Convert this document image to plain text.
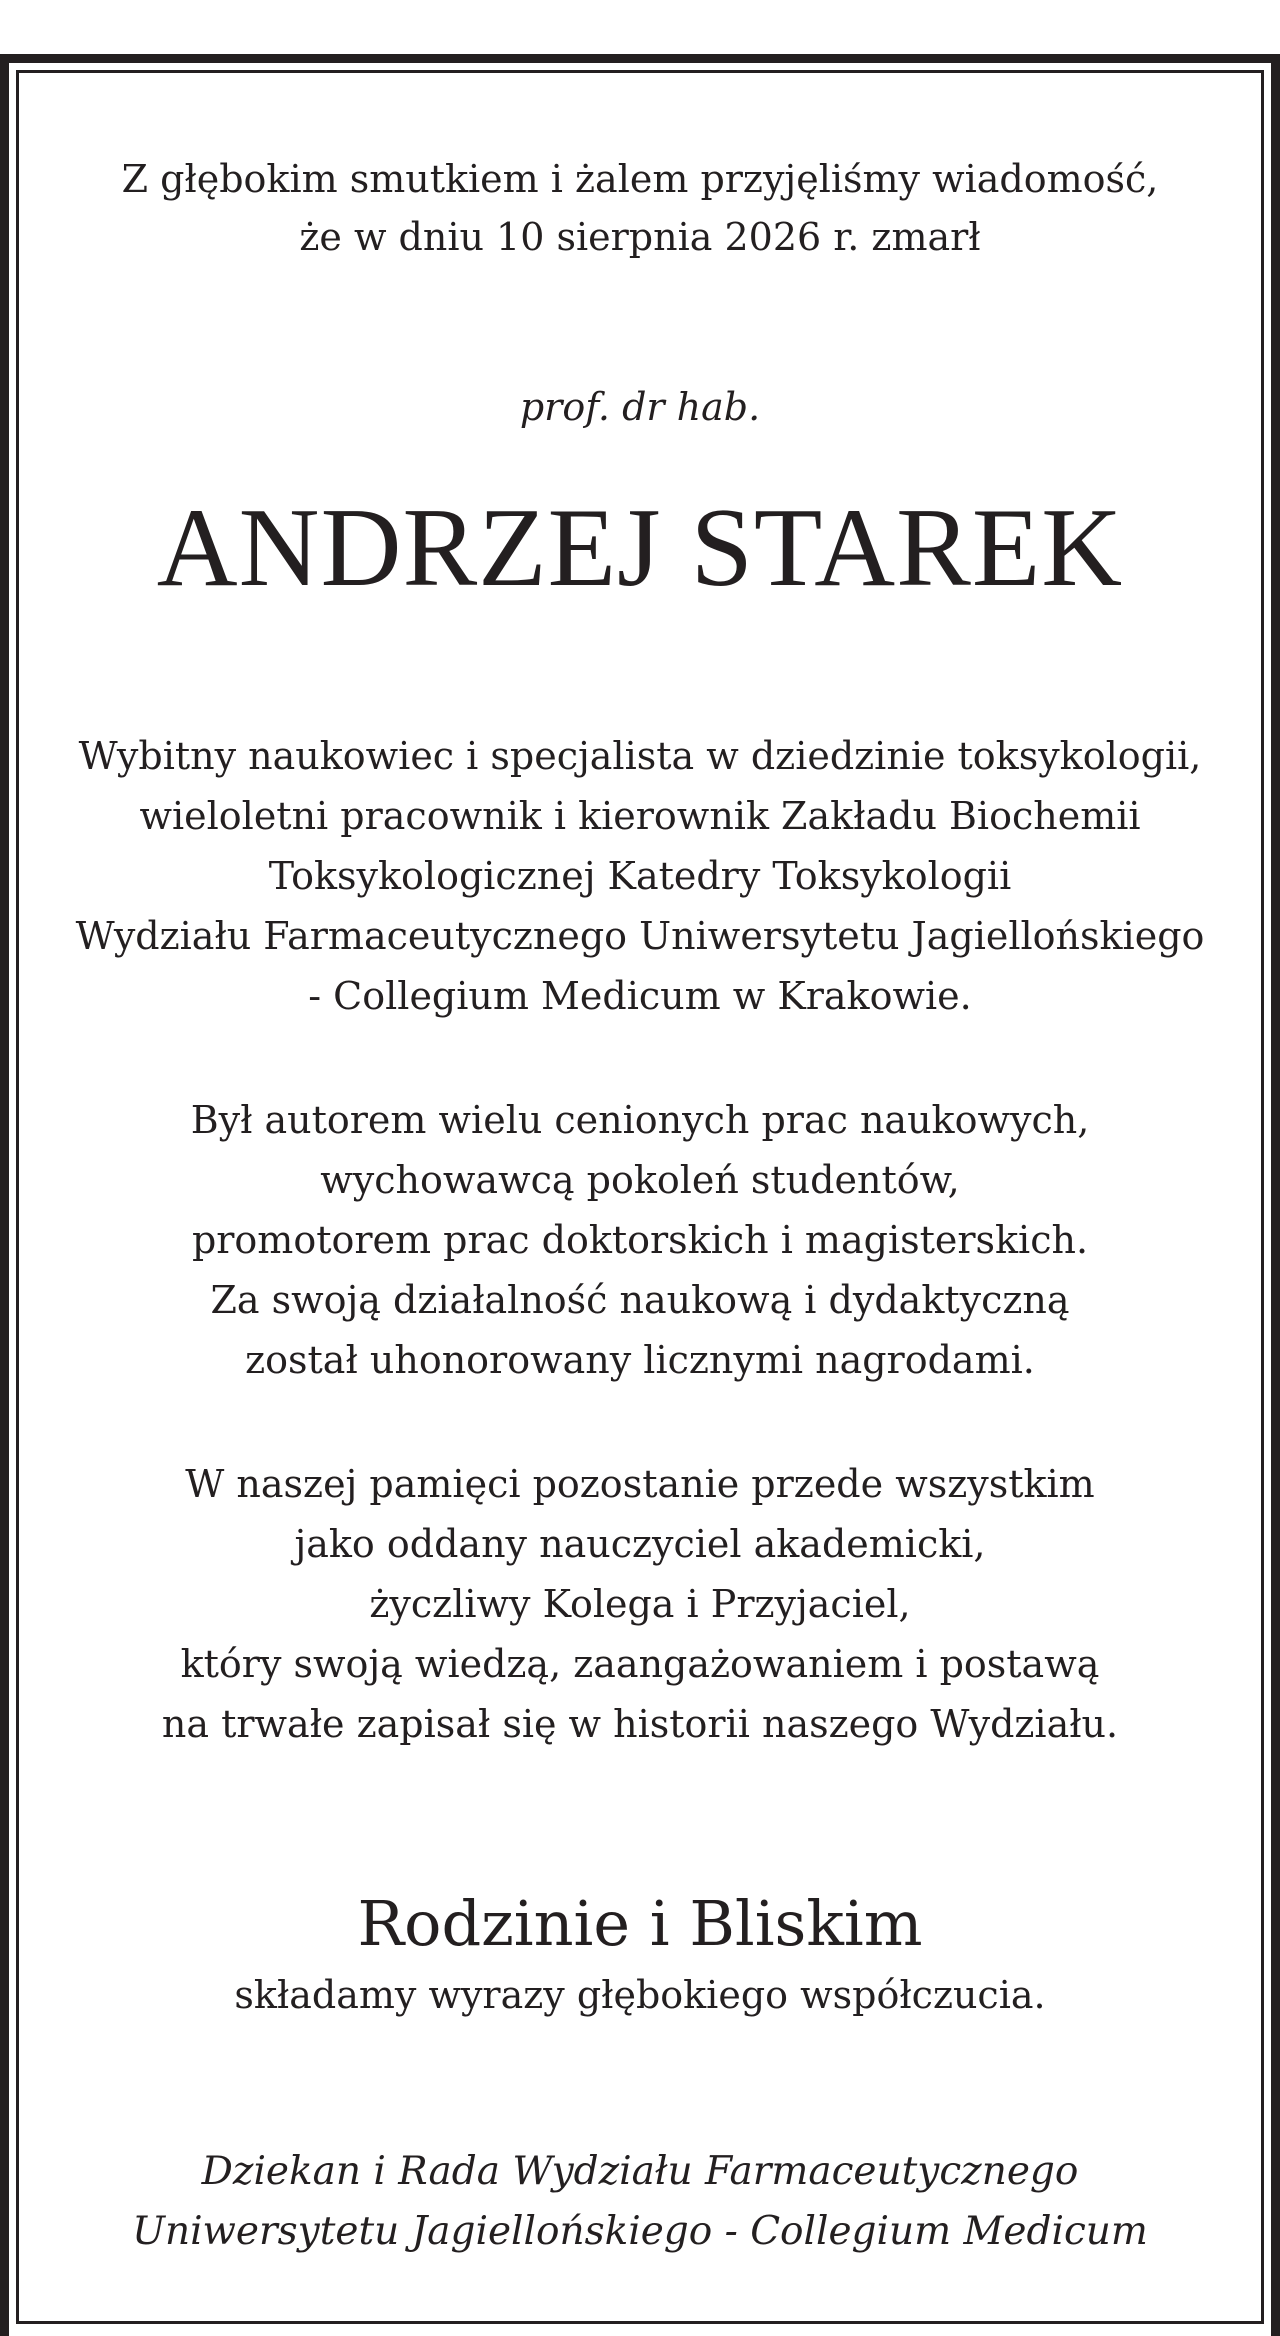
Z głębokim smutkiem i żalem przyjęliśmy wiadomość,
że w dniu 10 sierpnia 2026 r. zmarł
prof. dr hab.
ANDRZEJ STAREK
Wybitny naukowiec i specjalista w dziedzinie toksykologii,
wieloletni pracownik i kierownik Zakładu Biochemii
Toksykologicznej Katedry Toksykologii
Wydziału Farmaceutycznego Uniwersytetu Jagiellońskiego
- Collegium Medicum w Krakowie.
Był autorem wielu cenionych prac naukowych,
wychowawcą pokoleń studentów,
promotorem prac doktorskich i magisterskich.
Za swoją działalność naukową i dydaktyczną
został uhonorowany licznymi nagrodami.
W naszej pamięci pozostanie przede wszystkim
jako oddany nauczyciel akademicki,
życzliwy Kolega i Przyjaciel,
który swoją wiedzą, zaangażowaniem i postawą
na trwałe zapisał się w historii naszego Wydziału.
Rodzinie i Bliskim
składamy wyrazy głębokiego współczucia.
Dziekan i Rada Wydziału Farmaceutycznego
Uniwersytetu Jagiellońskiego - Collegium Medicum
